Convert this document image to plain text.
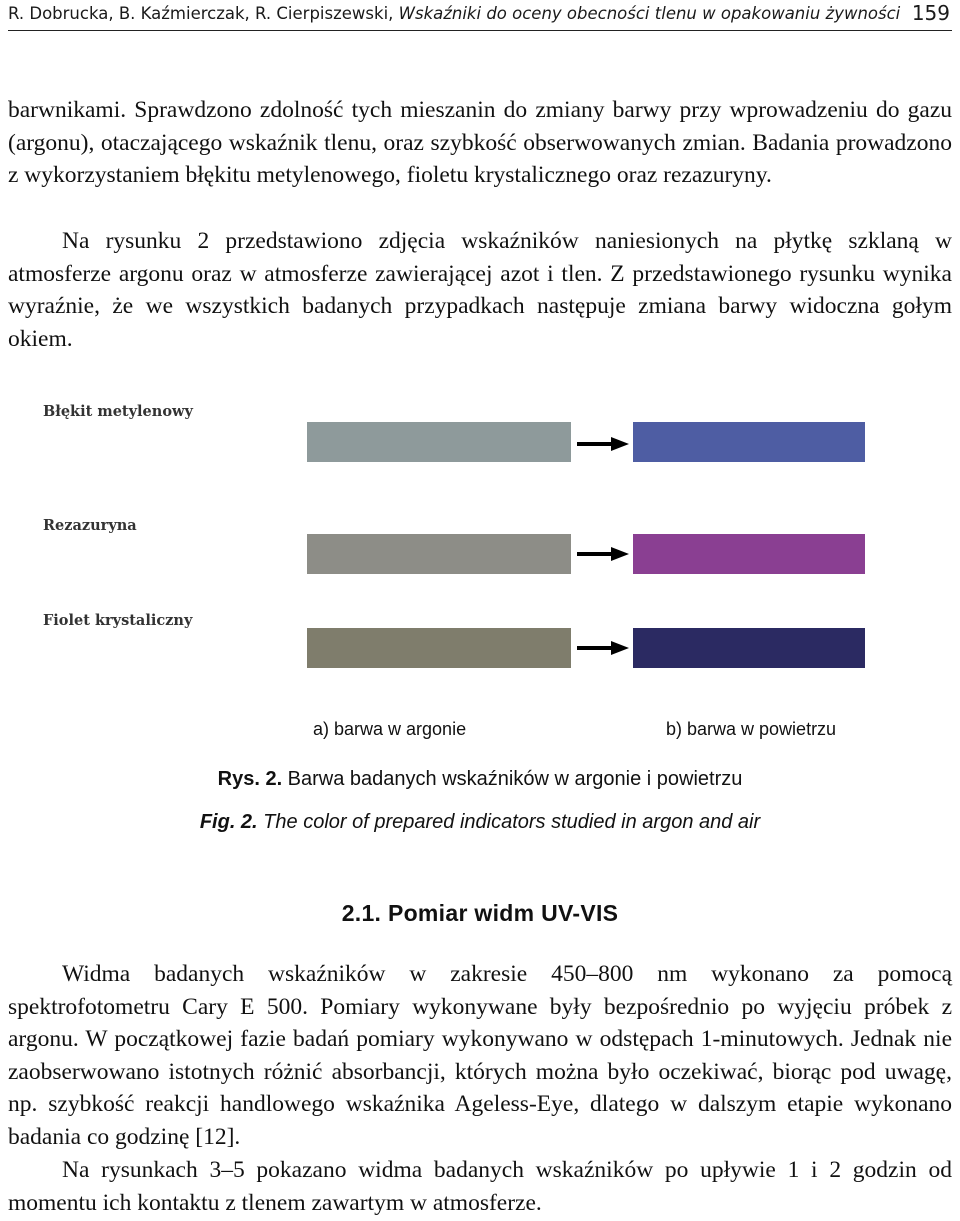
R. Dobrucka, B. Kaźmierczak, R. Cierpiszewski, Wskaźniki do oceny obecności tlenu w opakowaniu żywności 159

barwnikami. Sprawdzono zdolność tych mieszanin do zmiany barwy przy wprowadzeniu do gazu (argonu), otaczającego wskaźnik tlenu, oraz szybkość obserwowanych zmian. Badania prowadzono z wykorzystaniem błękitu metylenowego, fioletu krystalicznego oraz rezazuryny.

Na rysunku 2 przedstawiono zdjęcia wskaźników naniesionych na płytkę szklaną w atmosferze argonu oraz w atmosferze zawierającej azot i tlen. Z przedstawionego rysunku wynika wyraźnie, że we wszystkich badanych przypadkach następuje zmiana barwy widoczna gołym okiem.

Błękit metylenowy
Rezazuryna
Fiolet krystaliczny
a) barwa w argonie	b) barwa w powietrzu
Rys. 2. Barwa badanych wskaźników w argonie i powietrzu
Fig. 2. The color of prepared indicators studied in argon and air
2.1. Pomiar widm UV-VIS

Widma badanych wskaźników w zakresie 450–800 nm wykonano za pomocą spektrofotometru Cary E 500. Pomiary wykonywane były bezpośrednio po wyjęciu próbek z argonu. W początkowej fazie badań pomiary wykonywano w odstępach 1-minutowych. Jednak nie zaobserwowano istotnych różnić absorbancji, których można było oczekiwać, biorąc pod uwagę, np. szybkość reakcji handlowego wskaźnika Ageless-Eye, dlatego w dalszym etapie wykonano badania co godzinę [12].

Na rysunkach 3–5 pokazano widma badanych wskaźników po upływie 1 i 2 godzin od momentu ich kontaktu z tlenem zawartym w atmosferze.
